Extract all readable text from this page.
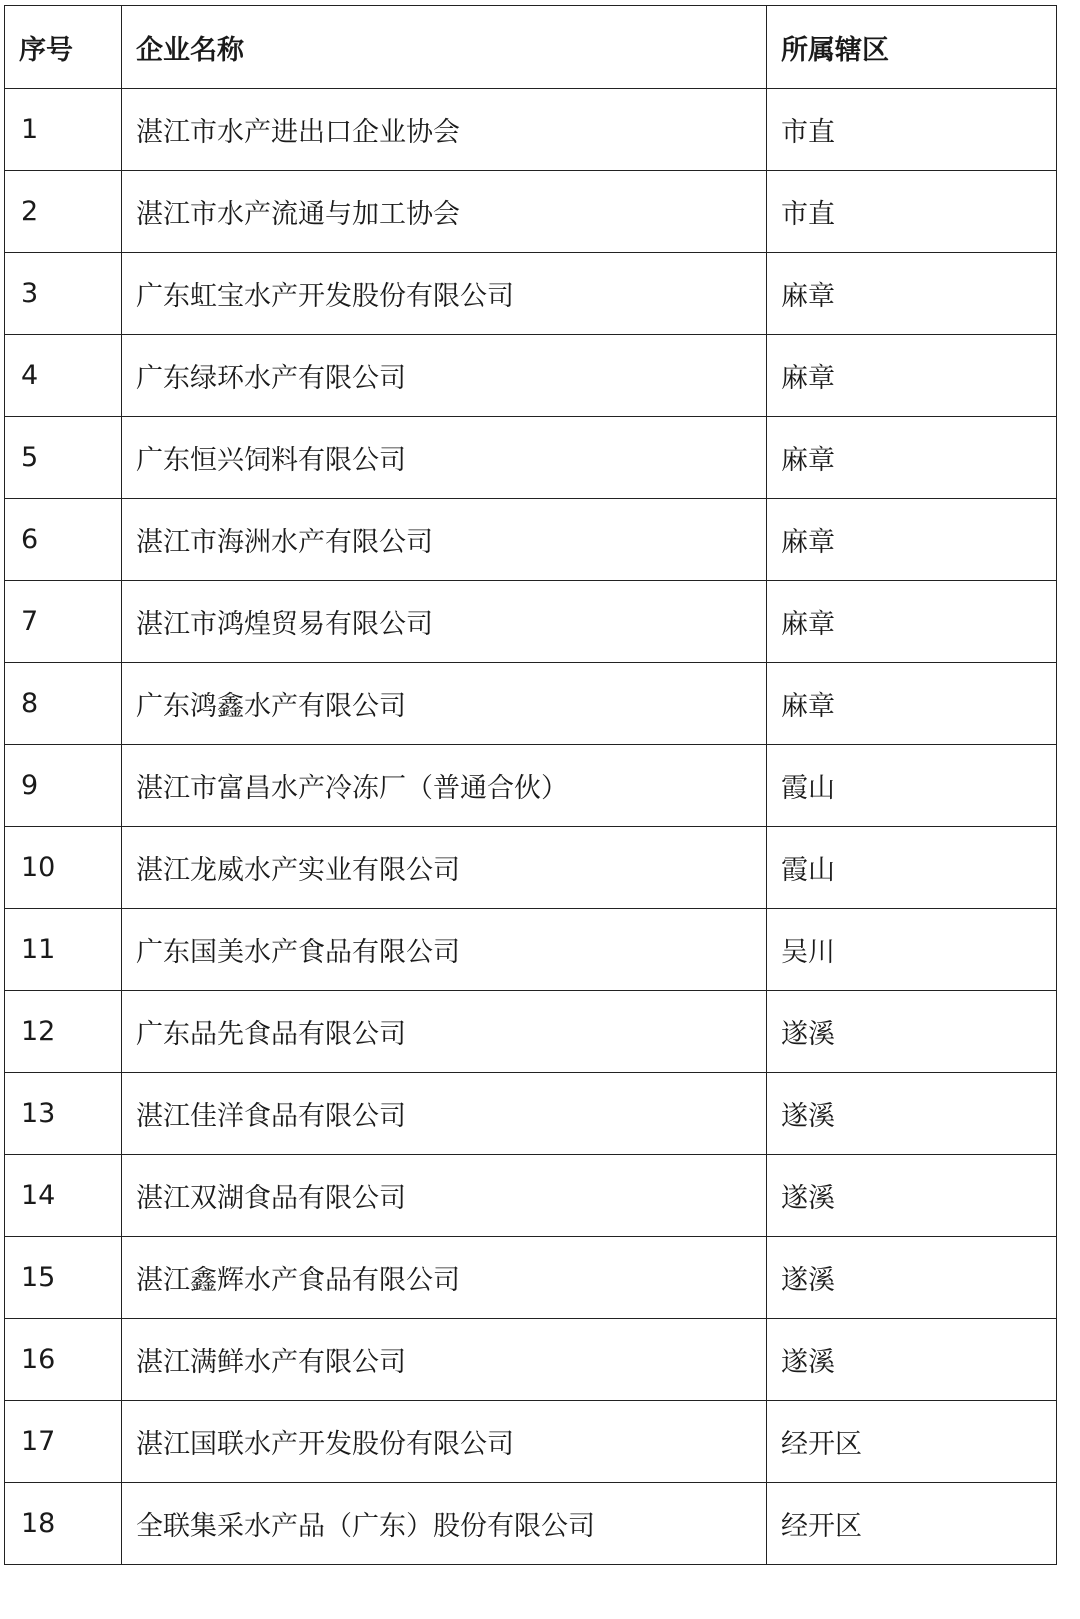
序号	企业名称	所属辖区
1	湛江市水产进出口企业协会	市直
2	湛江市水产流通与加工协会	市直
3	广东虹宝水产开发股份有限公司	麻章
4	广东绿环水产有限公司	麻章
5	广东恒兴饲料有限公司	麻章
6	湛江市海洲水产有限公司	麻章
7	湛江市鸿煌贸易有限公司	麻章
8	广东鸿鑫水产有限公司	麻章
9	湛江市富昌水产冷冻厂（普通合伙）	霞山
10	湛江龙威水产实业有限公司	霞山
11	广东国美水产食品有限公司	吴川
12	广东品先食品有限公司	遂溪
13	湛江佳洋食品有限公司	遂溪
14	湛江双湖食品有限公司	遂溪
15	湛江鑫辉水产食品有限公司	遂溪
16	湛江满鲜水产有限公司	遂溪
17	湛江国联水产开发股份有限公司	经开区
18	全联集采水产品（广东）股份有限公司	经开区
